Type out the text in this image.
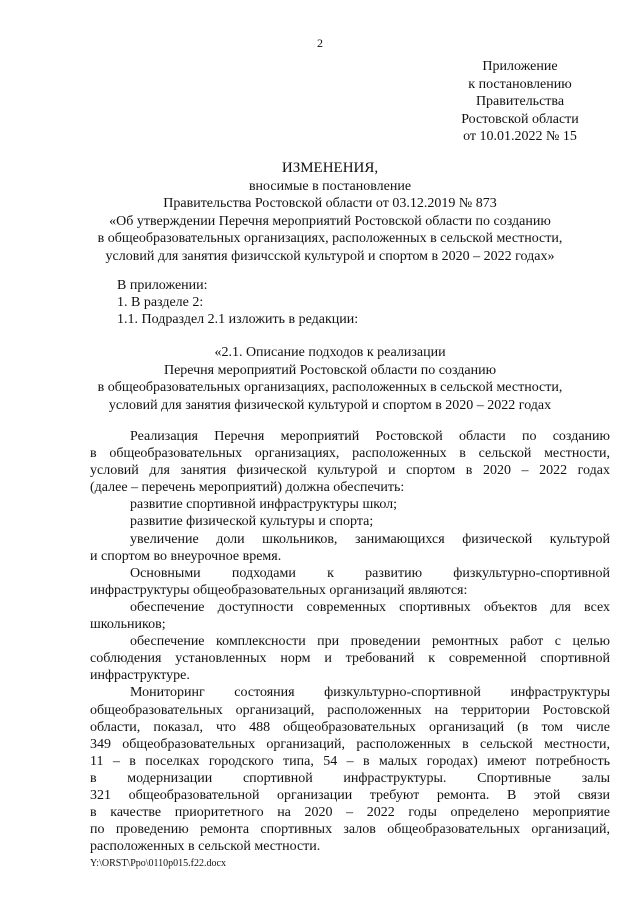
2
Приложение
к постановлению
Правительства
Ростовской области
от 10.01.2022 № 15
ИЗМЕНЕНИЯ,
вносимые в постановление
Правительства Ростовской области от 03.12.2019 № 873
«Об утверждении Перечня мероприятий Ростовской области по созданию
в общеобразовательных организациях, расположенных в сельской местности,
условий для занятия физичсской культурой и спортом в 2020 – 2022 годах»
В приложении:
1. В разделе 2:
1.1. Подраздел 2.1 изложить в редакции:
«2.1. Описание подходов к реализации
Перечня мероприятий Ростовской области по созданию
в общеобразовательных организациях, расположенных в сельской местности,
условий для занятия физической культурой и спортом в 2020 – 2022 годах
Реализация Перечня мероприятий Ростовской области по созданию
в общеобразовательных организациях, расположенных в сельской местности,
условий для занятия физической культурой и спортом в 2020 – 2022 годах
(далее – перечень мероприятий) должна обеспечить:
развитие спортивной инфраструктуры школ;
развитие физической культуры и спорта;
увеличение доли школьников, занимающихся физической культурой
и спортом во внеурочное время.
Основными подходами к развитию физкультурно-спортивной
инфраструктуры общеобразовательных организаций являются:
обеспечение доступности современных спортивных объектов для всех
школьников;
обеспечение комплексности при проведении ремонтных работ с целью
соблюдения установленных норм и требований к современной спортивной
инфраструктуре.
Мониторинг состояния физкультурно-спортивной инфраструктуры
общеобразовательных организаций, расположенных на территории Ростовской
области, показал, что 488 общеобразовательных организаций (в том числе
349 общеобразовательных организаций, расположенных в сельской местности,
11 – в поселках городского типа, 54 – в малых городах) имеют потребность
в модернизации спортивной инфраструктуры. Спортивные залы
321 общеобразовательной организации требуют ремонта. В этой связи
в качестве приоритетного на 2020 – 2022 годы определено мероприятие
по проведению ремонта спортивных залов общеобразовательных организаций,
расположенных в сельской местности.
Y:\ORST\Ppo\0110p015.f22.docx
